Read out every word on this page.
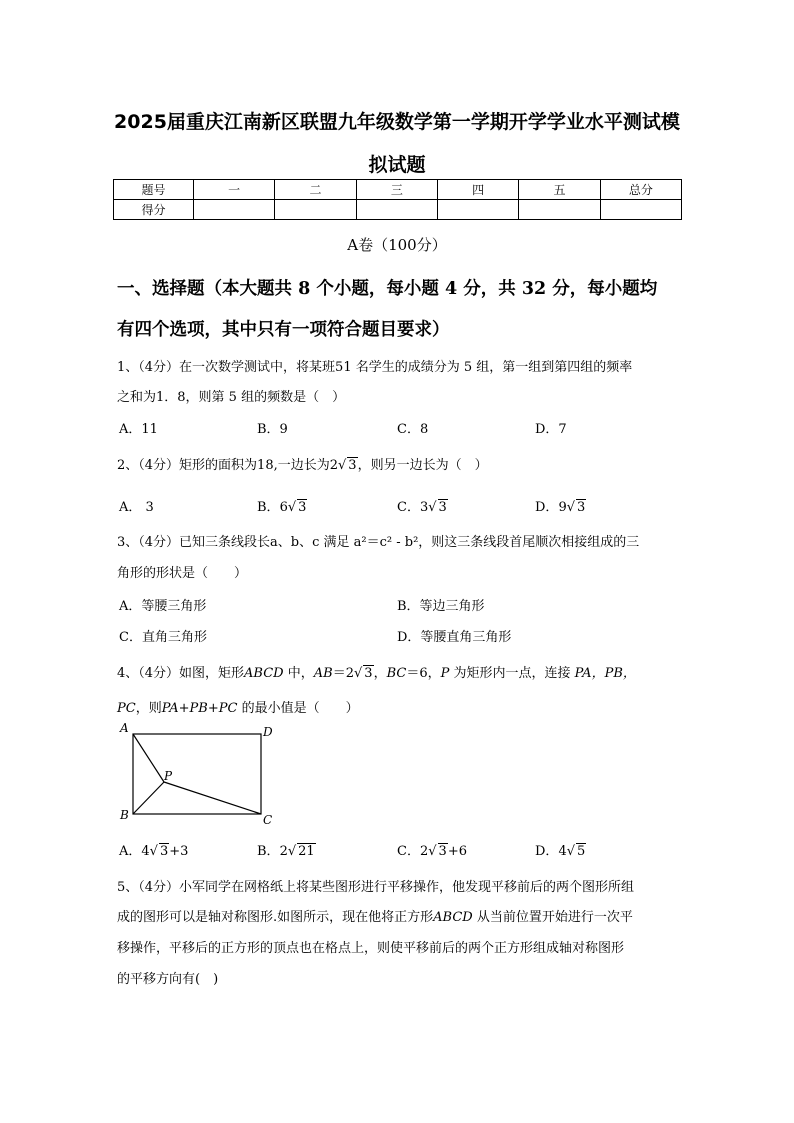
2025届重庆江南新区联盟九年级数学第一学期开学学业水平测试模
拟试题
题号	一	二	三	四	五	总分
得分						
A卷（100分）
一、选择题（本大题共 8 个小题，每小题 4 分，共 32 分，每小题均
有四个选项，其中只有一项符合题目要求）
1、（4分）在一次数学测试中，将某班51 名学生的成绩分为 5 组，第一组到第四组的频率
之和为1．8，则第 5 组的频数是（　）
A．11	B．9	C．8	D．7
2、（4分）矩形的面积为18,一边长为2√ 3，则另一边长为（　）
A． 3	B．6√ 3	C．3√ 3	D．9√ 3
3、（4分）已知三条线段长a、b、c 满足 a²＝c² - b²，则这三条线段首尾顺次相接组成的三
角形的形状是（　　）
A．等腰三角形	B．等边三角形
C．直角三角形	D．等腰直角三角形
4、（4分）如图，矩形ABCD 中，AB＝2√ 3，BC＝6，P 为矩形内一点，连接 PA，PB，
PC，则PA+PB+PC 的最小值是（　　）
A
B	C
D
P
A．4√ 3+3	B．2√ 21	C．2√ 3+6	D．4√ 5
5、（4分）小军同学在网格纸上将某些图形进行平移操作，他发现平移前后的两个图形所组
成的图形可以是轴对称图形.如图所示，现在他将正方形ABCD 从当前位置开始进行一次平
移操作，平移后的正方形的顶点也在格点上，则使平移前后的两个正方形组成轴对称图形
的平移方向有(　)
